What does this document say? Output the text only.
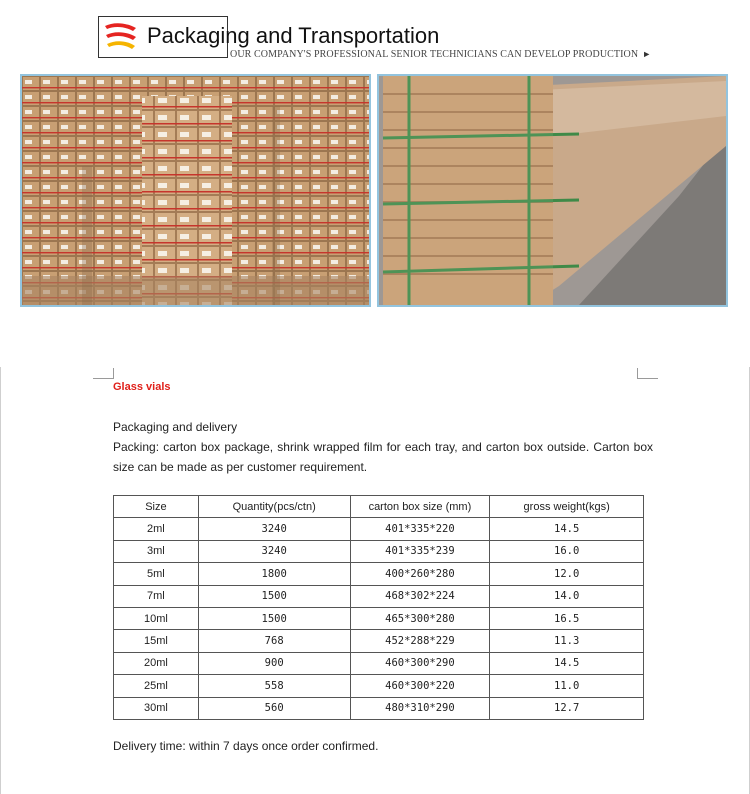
Packaging and Transportation
OUR COMPANY'S PROFESSIONAL SENIOR TECHNICIANS CAN DEVELOP PRODUCTION ►
Glass vials
Packaging and delivery
Packing: carton box package, shrink wrapped film for each tray, and carton box outside. Carton box size can be made as per customer requirement.
Size	Quantity(pcs/ctn)	carton box size (mm)	gross weight(kgs)
2ml	3240	401*335*220	14.5
3ml	3240	401*335*239	16.0
5ml	1800	400*260*280	12.0
7ml	1500	468*302*224	14.0
10ml	1500	465*300*280	16.5
15ml	768	452*288*229	11.3
20ml	900	460*300*290	14.5
25ml	558	460*300*220	11.0
30ml	560	480*310*290	12.7
Delivery time: within 7 days once order confirmed.
